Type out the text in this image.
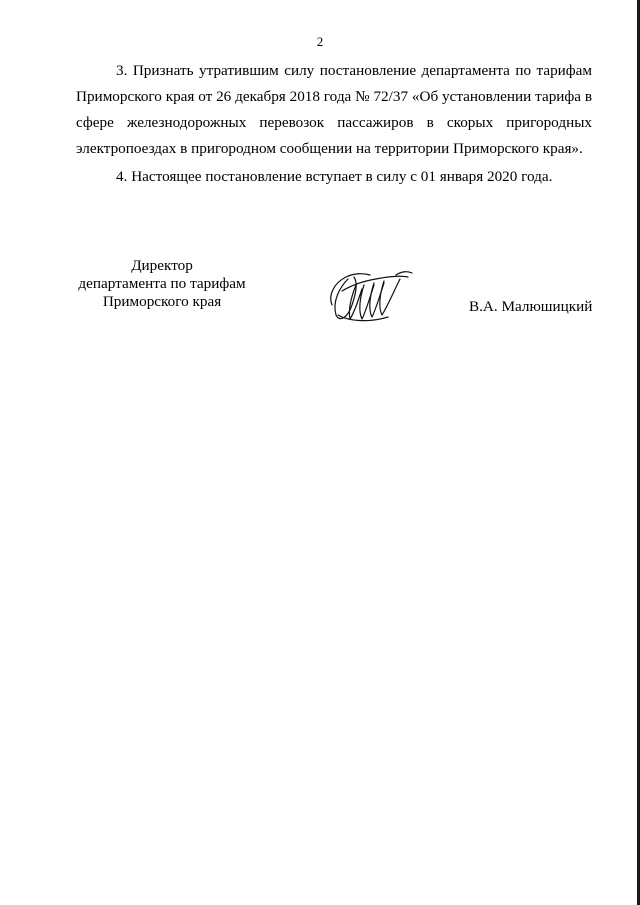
2

3. Признать утратившим силу постановление департамента по тарифам Приморского края от 26 декабря 2018 года № 72/37 «Об установлении тарифа в сфере железнодорожных перевозок пассажиров в скорых пригородных электропоездах в пригородном сообщении на территории Приморского края».

4. Настоящее постановление вступает в силу с 01 января 2020 года.

Директор
департамента по тарифам
Приморского края	В.А. Малюшицкий
